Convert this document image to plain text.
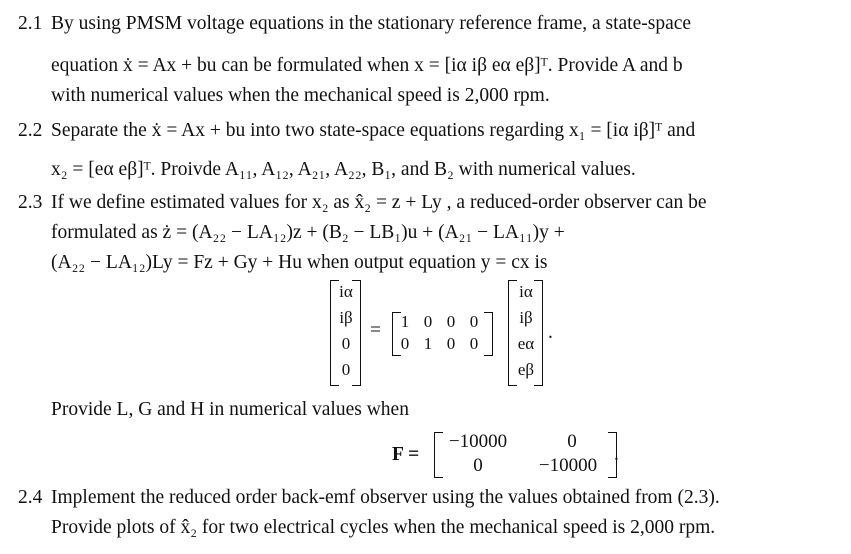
2.1 By using PMSM voltage equations in the stationary reference frame, a state-space
equation ẋ = Ax + bu can be formulated when x = [iα iβ eα eβ]ᵀ. Provide A and b
with numerical values when the mechanical speed is 2,000 rpm.
2.2 Separate the ẋ = Ax + bu into two state-space equations regarding x₁ = [iα iβ]ᵀ and
x₂ = [eα eβ]ᵀ. Proivde A₁₁, A₁₂, A₂₁, A₂₂, B₁, and B₂ with numerical values.
2.3 If we define estimated values for x₂ as x̂₂ = z + Ly , a reduced-order observer can be
formulated as ż = (A₂₂ − LA₁₂)z + (B₂ − LB₁)u + (A₂₁ − LA₁₁)y +
(A₂₂ − LA₁₂)Ly = Fz + Gy + Hu when output equation y = cx is
iα
iβ
0
0
= 1 0 0 0
0 1 0 0
iα
iβ
eα
eβ
.
Provide L, G and H in numerical values when
F =
−10000	0
0	−10000
.
2.4 Implement the reduced order back-emf observer using the values obtained from (2.3).
Provide plots of x̂₂ for two electrical cycles when the mechanical speed is 2,000 rpm.
